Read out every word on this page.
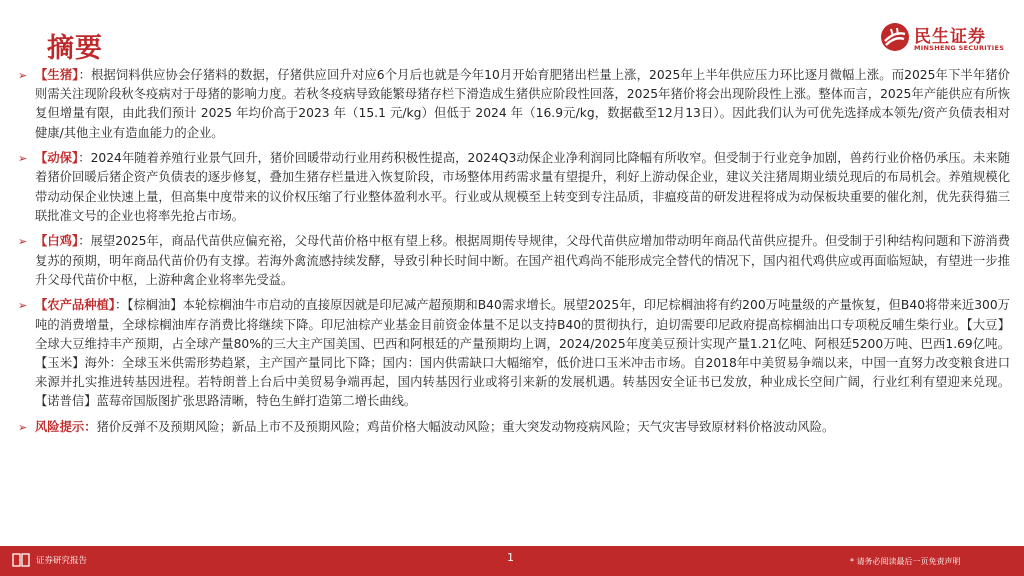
摘要	民生证券
MINSHENG SECURITIES
➢ 【生猪】：根据饲料供应协会仔猪料的数据，仔猪供应回升对应6个月后也就是今年10月开始育肥猪出栏量上涨，2025年上半年供应压力环比逐月微幅上涨。而2025年下半年猪价则需关注现阶段秋冬疫病对于母猪的影响力度。若秋冬疫病导致能繁母猪存栏下滑造成生猪供应阶段性回落，2025年猪价将会出现阶段性上涨。整体而言，2025年产能供应有所恢复但增量有限，由此我们预计 2025 年均价高于2023 年（15.1 元/kg）但低于 2024 年（16.9元/kg，数据截至12月13日）。因此我们认为可优先选择成本领先/资产负债表相对健康/其他主业有造血能力的企业。
➢ 【动保】：2024年随着养殖行业景气回升，猪价回暖带动行业用药积极性提高，2024Q3动保企业净利润同比降幅有所收窄。但受制于行业竞争加剧，兽药行业价格仍承压。未来随着猪价回暖后猪企资产负债表的逐步修复，叠加生猪存栏量进入恢复阶段，市场整体用药需求量有望提升，利好上游动保企业，建议关注猪周期业绩兑现后的布局机会。养殖规模化带动动保企业快速上量，但高集中度带来的议价权压缩了行业整体盈利水平。行业或从规模至上转变到专注品质，非瘟疫苗的研发进程将成为动保板块重要的催化剂，优先获得猫三联批准文号的企业也将率先抢占市场。
➢ 【白鸡】：展望2025年，商品代苗供应偏充裕，父母代苗价格中枢有望上移。根据周期传导规律，父母代苗供应增加带动明年商品代苗供应提升。但受制于引种结构问题和下游消费复苏的预期，明年商品代苗价仍有支撑。若海外禽流感持续发酵，导致引种长时间中断。在国产祖代鸡尚不能形成完全替代的情况下，国内祖代鸡供应或再面临短缺，有望进一步推升父母代苗价中枢，上游种禽企业将率先受益。
➢ 【农产品种植】：【棕榈油】本轮棕榈油牛市启动的直接原因就是印尼减产超预期和B40需求增长。展望2025年，印尼棕榈油将有约200万吨量级的产量恢复，但B40将带来近300万吨的消费增量，全球棕榈油库存消费比将继续下降。印尼油棕产业基金目前资金体量不足以支持B40的贯彻执行，迫切需要印尼政府提高棕榈油出口专项税反哺生柴行业。【大豆】全球大豆维持丰产预期，占全球产量80%的三大主产国美国、巴西和阿根廷的产量预期均上调，2024/2025年度美豆预计实现产量1.21亿吨、阿根廷5200万吨、巴西1.69亿吨。【玉米】海外：全球玉米供需形势趋紧，主产国产量同比下降；国内：国内供需缺口大幅缩窄，低价进口玉米冲击市场。自2018年中美贸易争端以来，中国一直努力改变粮食进口来源并扎实推进转基因进程。若特朗普上台后中美贸易争端再起，国内转基因行业或将引来新的发展机遇。转基因安全证书已发放，种业成长空间广阔，行业红利有望迎来兑现。【诺普信】蓝莓帝国版图扩张思路清晰，特色生鲜打造第二增长曲线。
➢ 风险提示：猪价反弹不及预期风险；新品上市不及预期风险；鸡苗价格大幅波动风险；重大突发动物疫病风险；天气灾害导致原材料价格波动风险。
证券研究报告	1	* 请务必阅读最后一页免责声明
